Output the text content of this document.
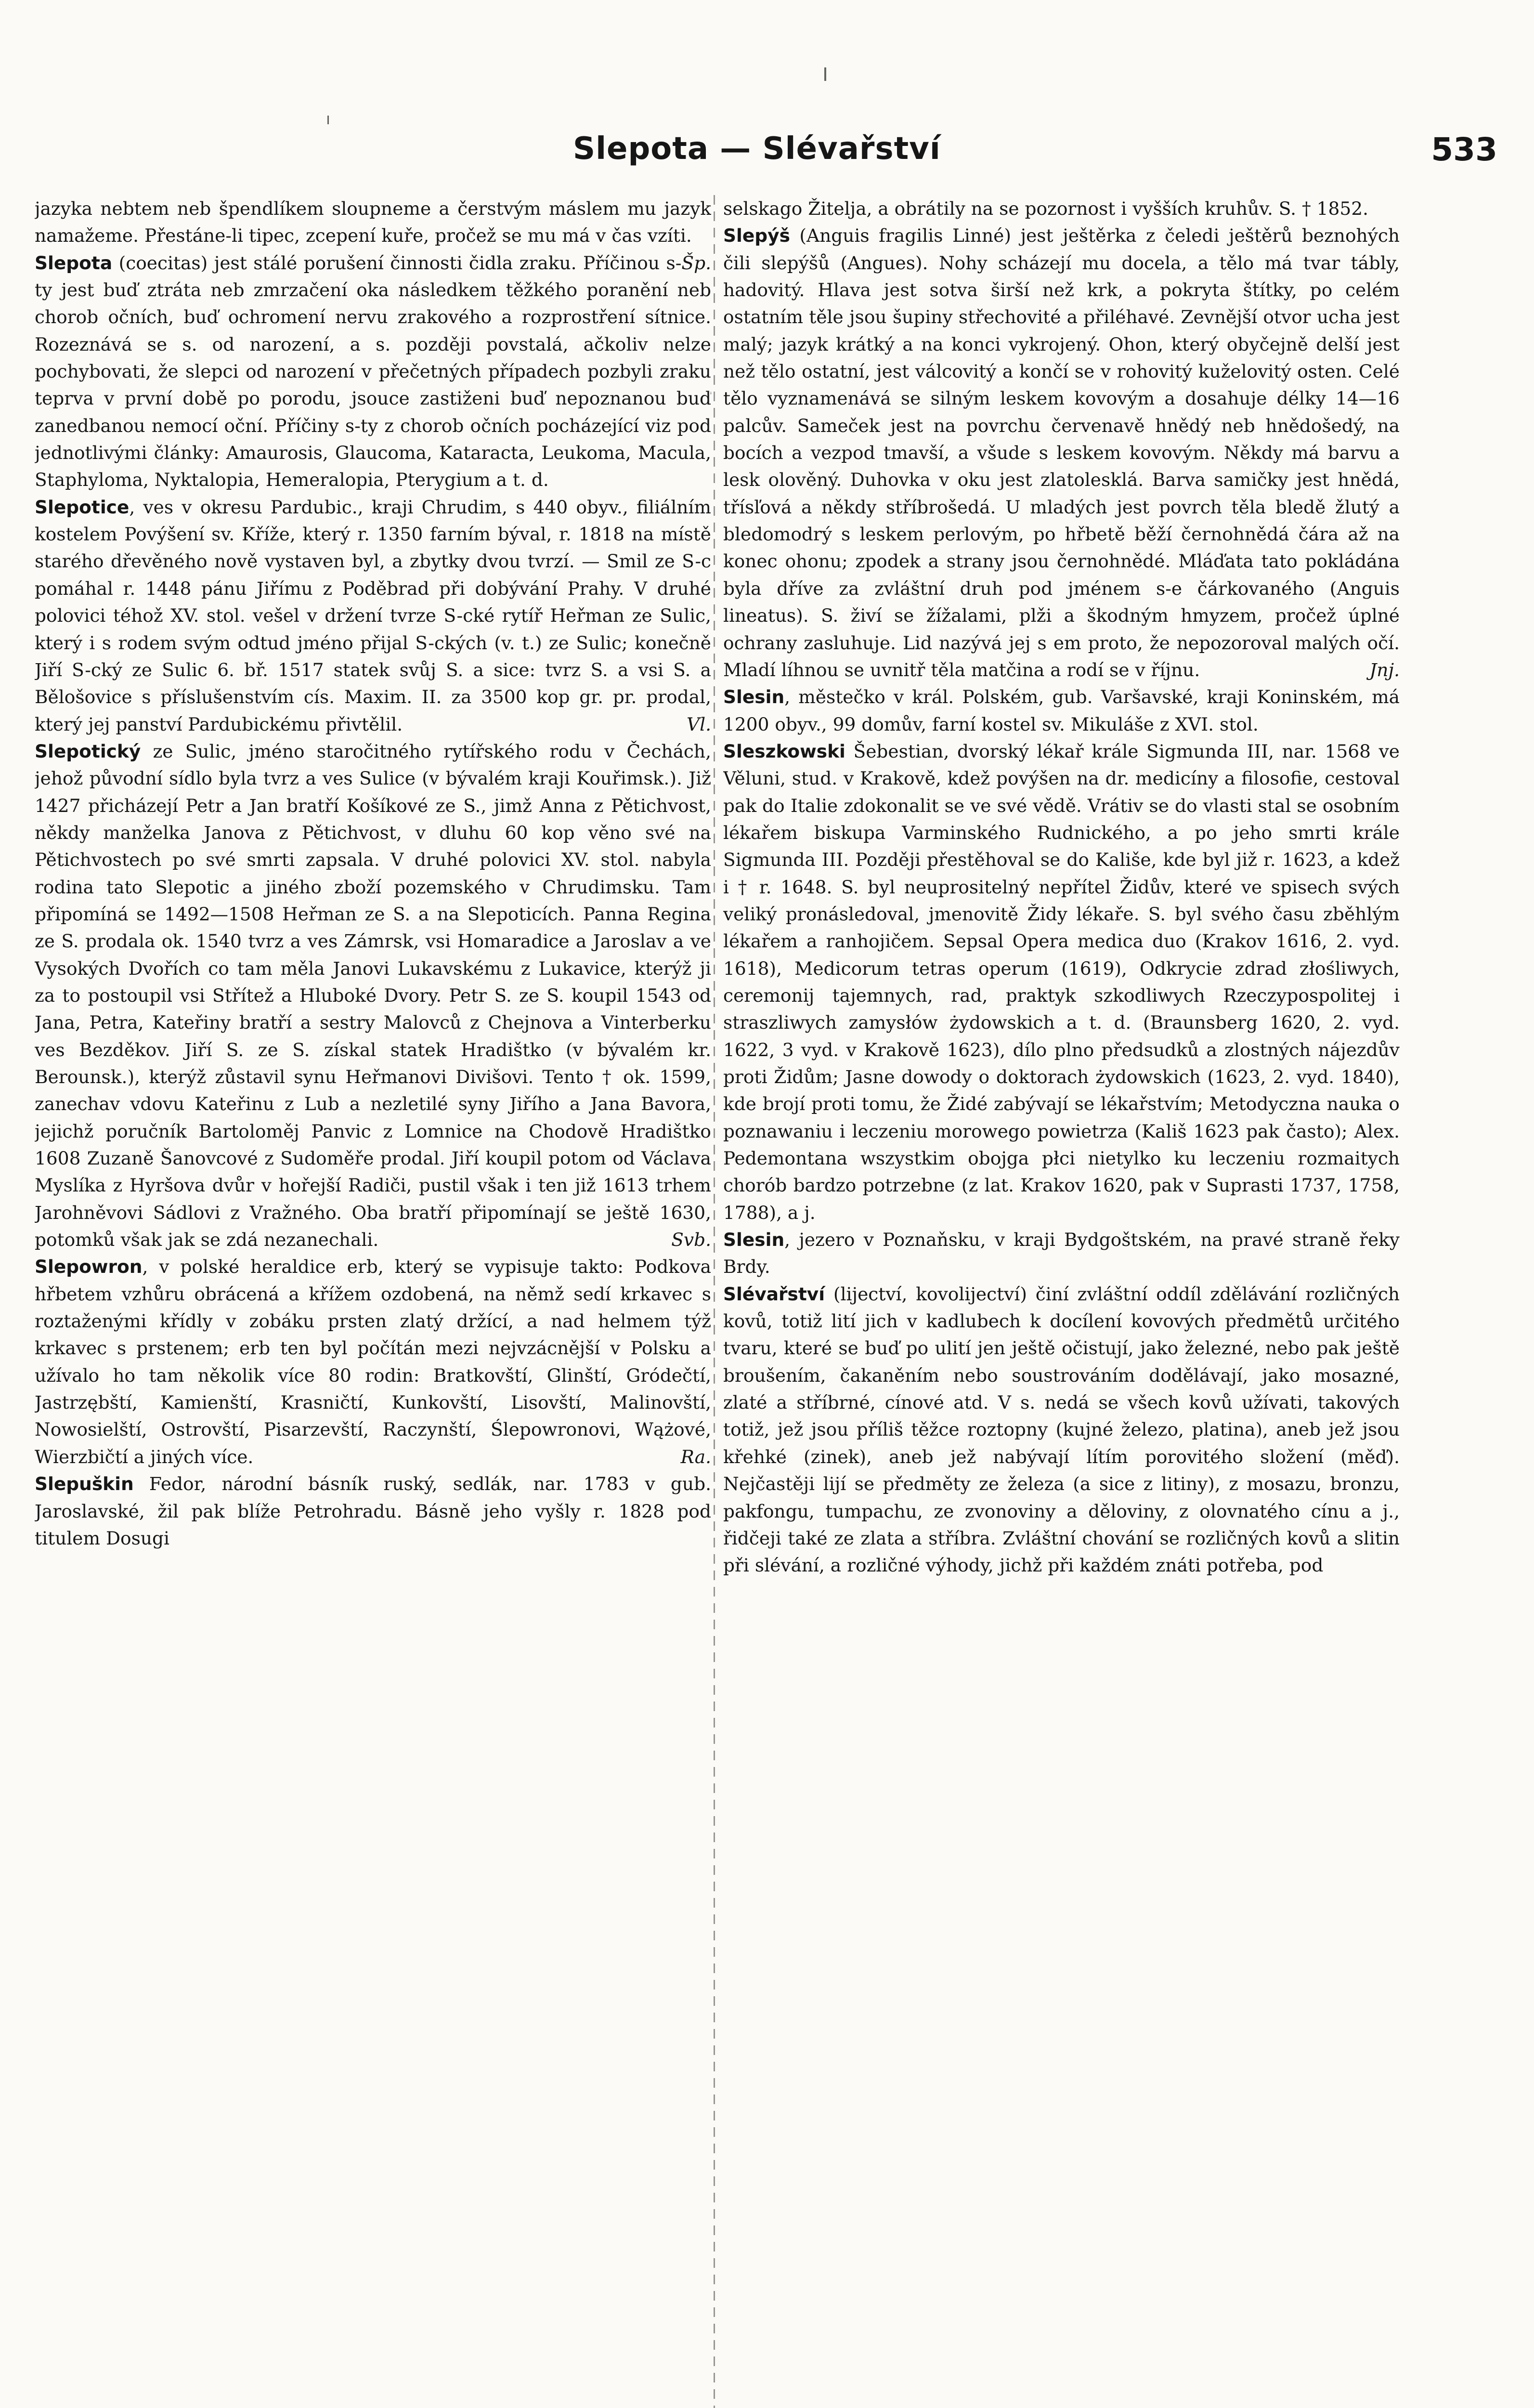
Slepota — Slévařství	533

jazyka nebtem neb špendlíkem sloupneme a čerstvým máslem mu jazyk namažeme. Přestáne-li tipec, zcepení kuře, pročež se mu má v čas vzíti.
Šp.

Slepota (coecitas) jest stálé porušení činnosti čidla zraku. Příčinou s-ty jest buď ztráta neb zmrzačení oka následkem těžkého poranění neb chorob očních, buď ochromení nervu zrakového a rozprostření sítnice. Rozeznává se s. od narození, a s. později povstalá, ačkoliv nelze pochybovati, že slepci od narození v přečetných případech pozbyli zraku teprva v první době po porodu, jsouce zastiženi buď nepoznanou buď zanedbanou nemocí oční. Příčiny s-ty z chorob očních pocházející viz pod jednotlivými články: Amaurosis, Glaucoma, Kataracta, Leukoma, Macula, Staphyloma, Nyktalopia, Hemeralopia, Pterygium a t. d.

Slepotice, ves v okresu Pardubic., kraji Chrudim, s 440 obyv., filiálním kostelem Povýšení sv. Kříže, který r. 1350 farním býval, r. 1818 na místě starého dřevěného nově vystaven byl, a zbytky dvou tvrzí. — Smil ze S-c pomáhal r. 1448 pánu Jiřímu z Poděbrad při dobývání Prahy. V druhé polovici téhož XV. stol. vešel v držení tvrze S-cké rytíř Heřman ze Sulic, který i s rodem svým odtud jméno přijal S-ckých (v. t.) ze Sulic; konečně Jiří S-cký ze Sulic 6. bř. 1517 statek svůj S. a sice: tvrz S. a vsi S. a Bělošovice s příslušenstvím cís. Maxim. II. za 3500 kop gr. pr. prodal, který jej panství Pardubickému přivtělil.	Vl.

Slepotický ze Sulic, jméno staročitného rytířského rodu v Čechách, jehož původní sídlo byla tvrz a ves Sulice (v bývalém kraji Kouřimsk.). Již 1427 přicházejí Petr a Jan bratří Košíkové ze S., jimž Anna z Pětichvost, někdy manželka Janova z Pětichvost, v dluhu 60 kop věno své na Pětichvostech po své smrti zapsala. V druhé polovici XV. stol. nabyla rodina tato Slepotic a jiného zboží pozemského v Chrudimsku. Tam připomíná se 1492—1508 Heřman ze S. a na Slepoticích. Panna Regina ze S. prodala ok. 1540 tvrz a ves Zámrsk, vsi Homaradice a Jaroslav a ve Vysokých Dvořích co tam měla Janovi Lukavskému z Lukavice, kterýž ji za to postoupil vsi Střítež a Hluboké Dvory. Petr S. ze S. koupil 1543 od Jana, Petra, Kateřiny bratří a sestry Malovců z Chejnova a Vinterberku ves Bezděkov. Jiří S. ze S. získal statek Hradištko (v bývalém kr. Berounsk.), kterýž zůstavil synu Heřmanovi Divišovi. Tento † ok. 1599, zanechav vdovu Kateřinu z Lub a nezletilé syny Jiřího a Jana Bavora, jejichž poručník Bartoloměj Panvic z Lomnice na Chodově Hradištko 1608 Zuzaně Šanovcové z Sudoměře prodal. Jiří koupil potom od Václava Myslíka z Hyršova dvůr v hořejší Radiči, pustil však i ten již 1613 trhem Jarohněvovi Sádlovi z Vražného. Oba bratří připomínají se ještě 1630, potomků však jak se zdá nezanechali.	Svb.

Slepowron, v polské heraldice erb, který se vypisuje takto: Podkova hřbetem vzhůru obrácená a křížem ozdobená, na němž sedí krkavec s roztaženými křídly v zobáku prsten zlatý držící, a nad helmem týž krkavec s prstenem; erb ten byl počítán mezi nejvzácnější v Polsku a užívalo ho tam několik více 80 rodin: Bratkovští, Glinští, Gródečtí, Jastrzębští, Kamienští, Krasničtí, Kunkovští, Lisovští, Malinovští, Nowosielští, Ostrovští, Pisarzevští, Raczynští, Ślepowronovi, Wążové, Wierzbičtí a jiných více.	Ra.

Slepuškin Fedor, národní básník ruský, sedlák, nar. 1783 v gub. Jaroslavské, žil pak blíže Petrohradu. Básně jeho vyšly r. 1828 pod titulem Dosugi

selskago Žitelja, a obrátily na se pozornost i vyšších kruhův. S. † 1852.

Slepýš (Anguis fragilis Linné) jest ještěrka z čeledi ještěrů beznohých čili slepýšů (Angues). Nohy scházejí mu docela, a tělo má tvar tábly, hadovitý. Hlava jest sotva širší než krk, a pokryta štítky, po celém ostatním těle jsou šupiny střechovité a přiléhavé. Zevnější otvor ucha jest malý; jazyk krátký a na konci vykrojený. Ohon, který obyčejně delší jest než tělo ostatní, jest válcovitý a končí se v rohovitý kuželovitý osten. Celé tělo vyznamenává se silným leskem kovovým a dosahuje délky 14—16 palcův. Sameček jest na povrchu červenavě hnědý neb hnědošedý, na bocích a vezpod tmavší, a všude s leskem kovovým. Někdy má barvu a lesk olověný. Duhovka v oku jest zlatolesklá. Barva samičky jest hnědá, třísľová a někdy stříbrošedá. U mladých jest povrch těla bledě žlutý a bledomodrý s leskem perlovým, po hřbetě běží černohnědá čára až na konec ohonu; zpodek a strany jsou černohnědé. Mláďata tato pokládána byla dříve za zvláštní druh pod jménem s-e čárkovaného (Anguis lineatus). S. živí se žížalami, plži a škodným hmyzem, pročež úplné ochrany zasluhuje. Lid nazývá jej s em proto, že nepozoroval malých očí. Mladí líhnou se uvnitř těla matčina a rodí se v říjnu.	Jnj.

Slesin, městečko v král. Polském, gub. Varšavské, kraji Koninském, má 1200 obyv., 99 domův, farní kostel sv. Mikuláše z XVI. stol.

Sleszkowski Šebestian, dvorský lékař krále Sigmunda III, nar. 1568 ve Věluni, stud. v Krakově, kdež povýšen na dr. medicíny a filosofie, cestoval pak do Italie zdokonalit se ve své vědě. Vrátiv se do vlasti stal se osobním lékařem biskupa Varminského Rudnického, a po jeho smrti krále Sigmunda III. Později přestěhoval se do Kališe, kde byl již r. 1623, a kdež i † r. 1648. S. byl neuprositelný nepřítel Židův, které ve spisech svých veliký pronásledoval, jmenovitě Židy lékaře. S. byl svého času zběhlým lékařem a ranhojičem. Sepsal Opera medica duo (Krakov 1616, 2. vyd. 1618), Medicorum tetras operum (1619), Odkrycie zdrad złośliwych, ceremonij tajemnych, rad, praktyk szkodliwych Rzeczypospolitej i straszliwych zamysłów żydowskich a t. d. (Braunsberg 1620, 2. vyd. 1622, 3 vyd. v Krakově 1623), dílo plno předsudků a zlostných nájezdův proti Židům; Jasne dowody o doktorach żydowskich (1623, 2. vyd. 1840), kde brojí proti tomu, že Židé zabývají se lékařstvím; Metodyczna nauka o poznawaniu i leczeniu morowego powietrza (Kališ 1623 pak často); Alex. Pedemontana wszystkim obojga płci nietylko ku leczeniu rozmaitych chorób bardzo potrzebne (z lat. Krakov 1620, pak v Suprasti 1737, 1758, 1788), a j.

Slesin, jezero v Poznaňsku, v kraji Bydgoštském, na pravé straně řeky Brdy.

Slévařství (lijectví, kovolijectví) činí zvláštní oddíl zdělávání rozličných kovů, totiž lití jich v kadlubech k docílení kovových předmětů určitého tvaru, které se buď po ulití jen ještě očistují, jako železné, nebo pak ještě broušením, čakaněním nebo soustrováním dodělávají, jako mosazné, zlaté a stříbrné, cínové atd. V s. nedá se všech kovů užívati, takových totiž, jež jsou příliš těžce roztopny (kujné železo, platina), aneb jež jsou křehké (zinek), aneb jež nabývají lítím porovitého složení (měď). Nejčastěji lijí se předměty ze železa (a sice z litiny), z mosazu, bronzu, pakfongu, tumpachu, ze zvonoviny a děloviny, z olovnatého cínu a j., řidčeji také ze zlata a stříbra. Zvláštní chování se rozličných kovů a slitin při slévání, a rozličné výhody, jichž při každém znáti potřeba, pod
